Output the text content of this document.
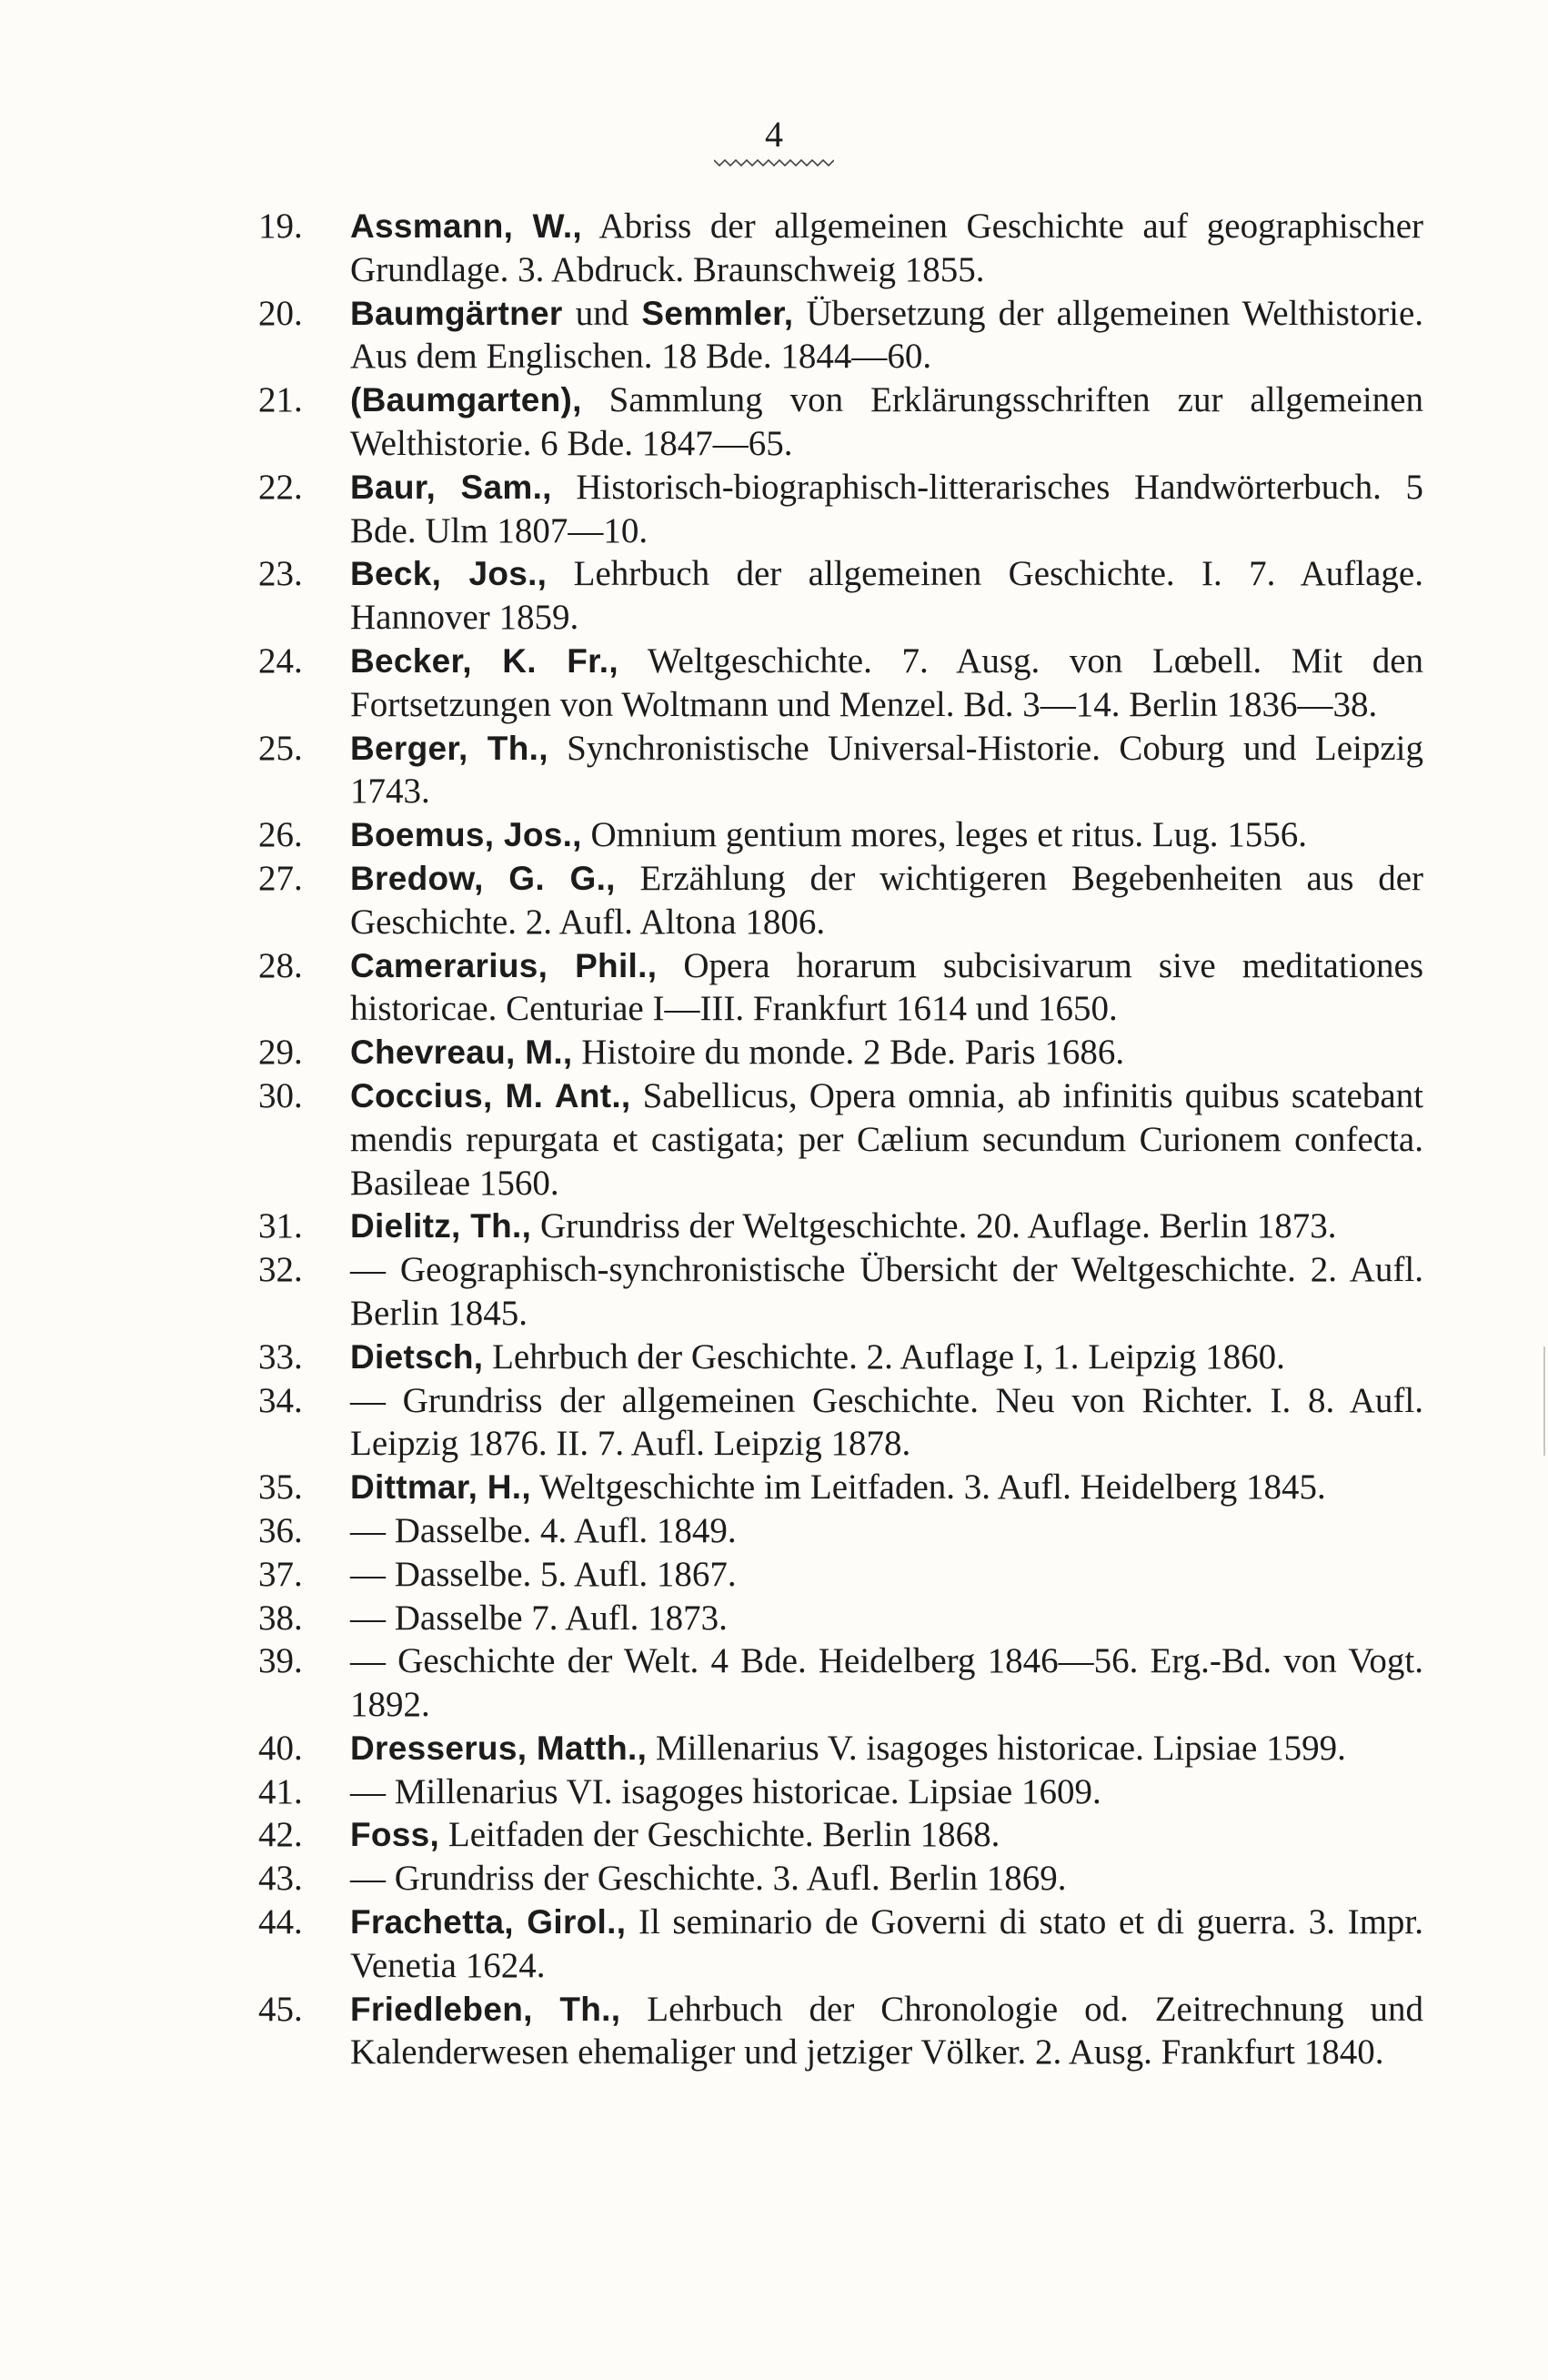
4
19. Assmann, W., Abriss der allgemeinen Geschichte auf geographischer Grundlage. 3. Abdruck. Braunschweig 1855.
20. Baumgärtner und Semmler, Übersetzung der allgemeinen Welthistorie. Aus dem Englischen. 18 Bde. 1844—60.
21. (Baumgarten), Sammlung von Erklärungsschriften zur allgemeinen Welthistorie. 6 Bde. 1847—65.
22. Baur, Sam., Historisch-biographisch-litterarisches Handwörterbuch. 5 Bde. Ulm 1807—10.
23. Beck, Jos., Lehrbuch der allgemeinen Geschichte. I. 7. Auflage. Hannover 1859.
24. Becker, K. Fr., Weltgeschichte. 7. Ausg. von Lœbell. Mit den Fortsetzungen von Woltmann und Menzel. Bd. 3—14. Berlin 1836—38.
25. Berger, Th., Synchronistische Universal-Historie. Coburg und Leipzig 1743.
26. Boemus, Jos., Omnium gentium mores, leges et ritus. Lug. 1556.
27. Bredow, G. G., Erzählung der wichtigeren Begebenheiten aus der Geschichte. 2. Aufl. Altona 1806.
28. Camerarius, Phil., Opera horarum subcisivarum sive meditationes historicae. Centuriae I—III. Frankfurt 1614 und 1650.
29. Chevreau, M., Histoire du monde. 2 Bde. Paris 1686.
30. Coccius, M. Ant., Sabellicus, Opera omnia, ab infinitis quibus scatebant mendis repurgata et castigata; per Cælium secundum Curionem confecta. Basileae 1560.
31. Dielitz, Th., Grundriss der Weltgeschichte. 20. Auflage. Berlin 1873.
32. — Geographisch-synchronistische Übersicht der Weltgeschichte. 2. Aufl. Berlin 1845.
33. Dietsch, Lehrbuch der Geschichte. 2. Auflage I, 1. Leipzig 1860.
34. — Grundriss der allgemeinen Geschichte. Neu von Richter. I. 8. Aufl. Leipzig 1876. II. 7. Aufl. Leipzig 1878.
35. Dittmar, H., Weltgeschichte im Leitfaden. 3. Aufl. Heidelberg 1845.
36. — Dasselbe. 4. Aufl. 1849.
37. — Dasselbe. 5. Aufl. 1867.
38. — Dasselbe 7. Aufl. 1873.
39. — Geschichte der Welt. 4 Bde. Heidelberg 1846—56. Erg.-Bd. von Vogt. 1892.
40. Dresserus, Matth., Millenarius V. isagoges historicae. Lipsiae 1599.
41. — Millenarius VI. isagoges historicae. Lipsiae 1609.
42. Foss, Leitfaden der Geschichte. Berlin 1868.
43. — Grundriss der Geschichte. 3. Aufl. Berlin 1869.
44. Frachetta, Girol., Il seminario de Governi di stato et di guerra. 3. Impr. Venetia 1624.
45. Friedleben, Th., Lehrbuch der Chronologie od. Zeitrechnung und Kalenderwesen ehemaliger und jetziger Völker. 2. Ausg. Frankfurt 1840.
